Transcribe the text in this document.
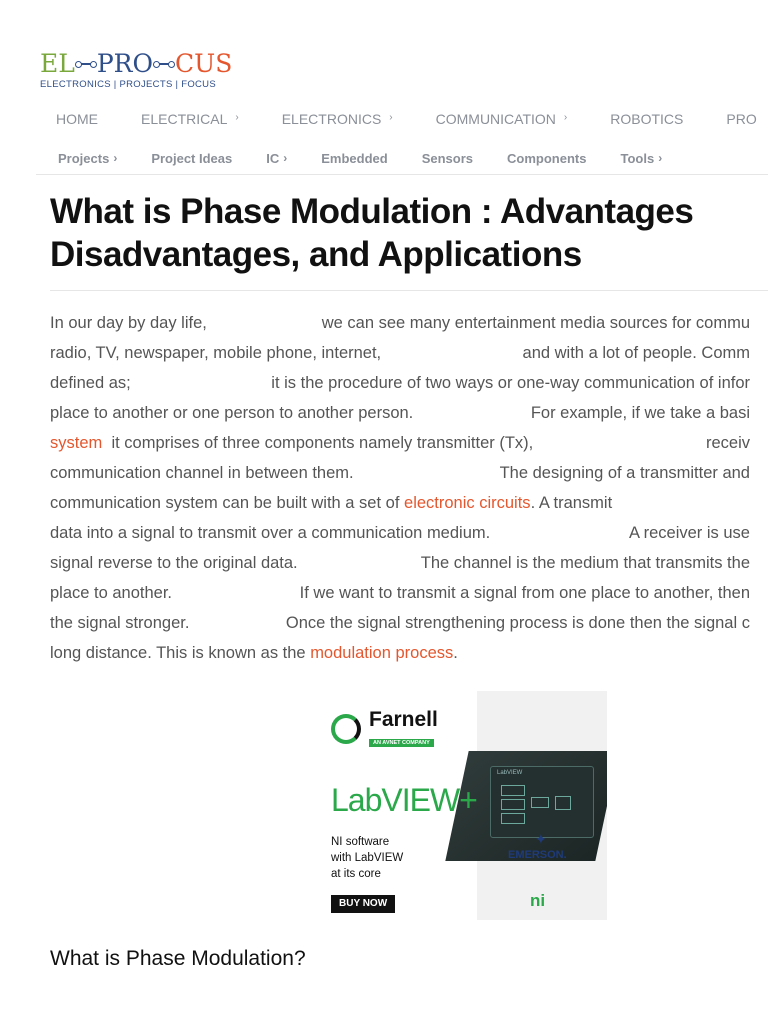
EL PRO CUS
ELECTRONICS | PROJECTS | FOCUS
HOME	ELECTRICAL ›	ELECTRONICS ›	COMMUNICATION ›	ROBOTICS	PRO
Projects ›	Project Ideas	IC ›	Embedded	Sensors	Components	Tools ›
What is Phase Modulation : Advantages
Disadvantages, and Applications
In our day by day life,	we can see many entertainment media sources for commu
radio, TV, newspaper, mobile phone, internet,	and with a lot of people. Comm
defined as;	it is the procedure of two ways or one-way communication of infor
place to another or one person to another person.	For example, if we take a basi
system it comprises of three components namely transmitter (Tx),	receiv
communication channel in between them.	The designing of a transmitter and
communication system can be built with a set of electronic circuits. A transmit
data into a signal to transmit over a communication medium.	A receiver is use
signal reverse to the original data.	The channel is the medium that transmits the
place to another.	If we want to transmit a signal from one place to another, then
the signal stronger.	Once the signal strengthening process is done then the signal c
long distance. This is known as the
modulation process .
LabVIEW
Farnell
AN AVNET COMPANY
LabVIEW+
NI software
with LabVIEW
at its core
BUY NOW
✦
EMERSON.
ni
What is Phase Modulation?
